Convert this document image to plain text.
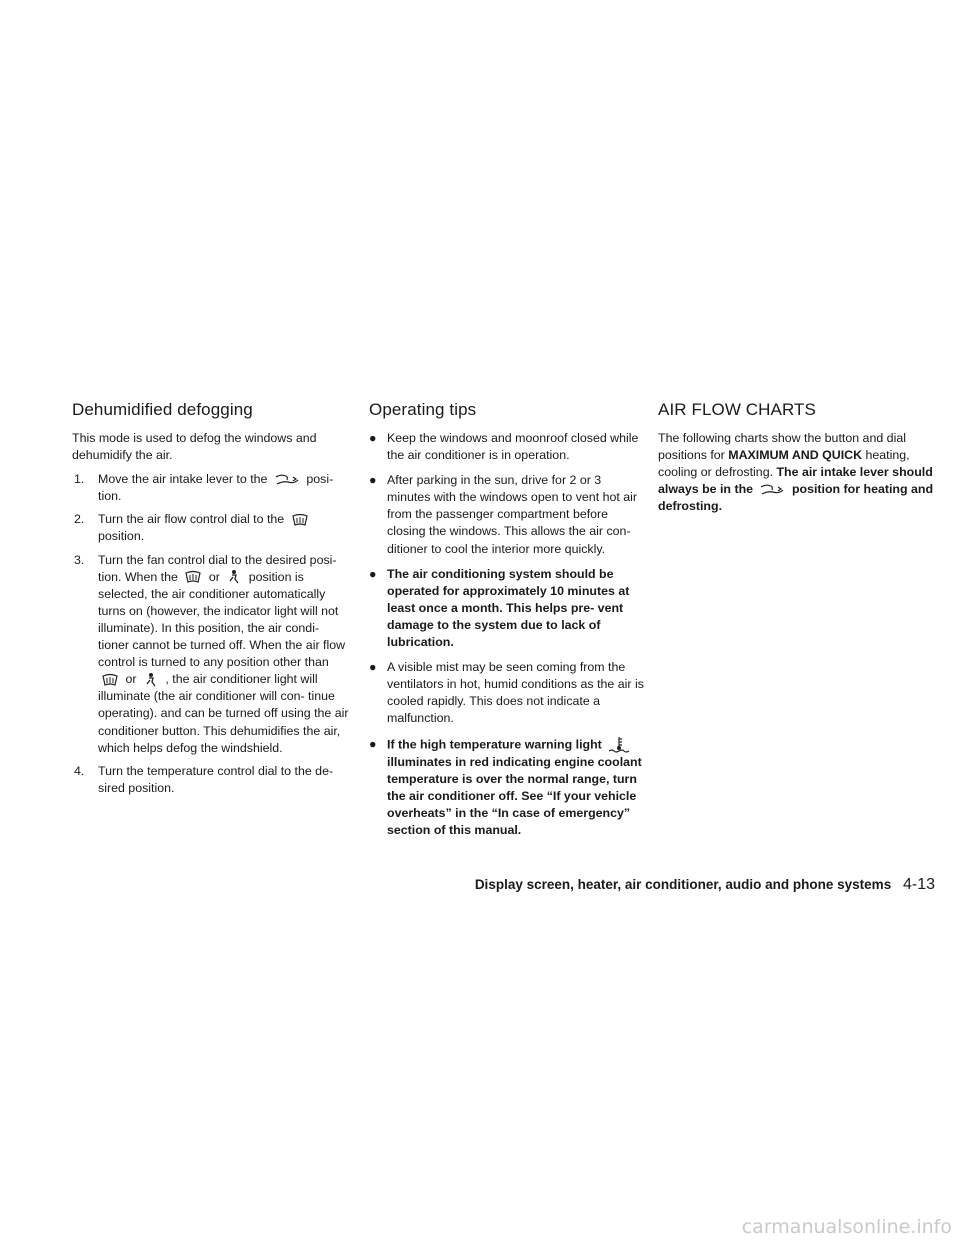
Dehumidified defogging

This mode is used to defog the windows and dehumidify the air.

1. Move the air intake lever to the	posi- tion.
2. Turn the air flow control dial to the
position.
3. Turn the fan control dial to the desired posi- tion. When the or position is selected, the air conditioner automatically turns on (however, the indicator light will not illuminate). In this position, the air condi- tioner cannot be turned off. When the air flow control is turned to any position other than
or , the air conditioner light will illuminate (the air conditioner will con- tinue operating). and can be turned off using the air conditioner button. This dehumidifies the air, which helps defog the windshield.
4. Turn the temperature control dial to the de- sired position.
Operating tips
● Keep the windows and moonroof closed while the air conditioner is in operation.
● After parking in the sun, drive for 2 or 3 minutes with the windows open to vent hot air from the passenger compartment before closing the windows. This allows the air con- ditioner to cool the interior more quickly.
● The air conditioning system should be operated for approximately 10 minutes at least once a month. This helps pre- vent damage to the system due to lack of lubrication.
● A visible mist may be seen coming from the ventilators in hot, humid conditions as the air is cooled rapidly. This does not indicate a malfunction.
● If the high temperature warning light
illuminates in red indicating engine coolant temperature is over the normal range, turn the air conditioner off. See “If your vehicle overheats” in the “In case of emergency” section of this manual.
AIR FLOW CHARTS

The following charts show the button and dial positions for MAXIMUM AND QUICK heating, cooling or defrosting. The air intake lever should always be in the	position for heating and defrosting.

Display screen, heater, air conditioner, audio and phone systems 4-13
carmanualsonline.info
